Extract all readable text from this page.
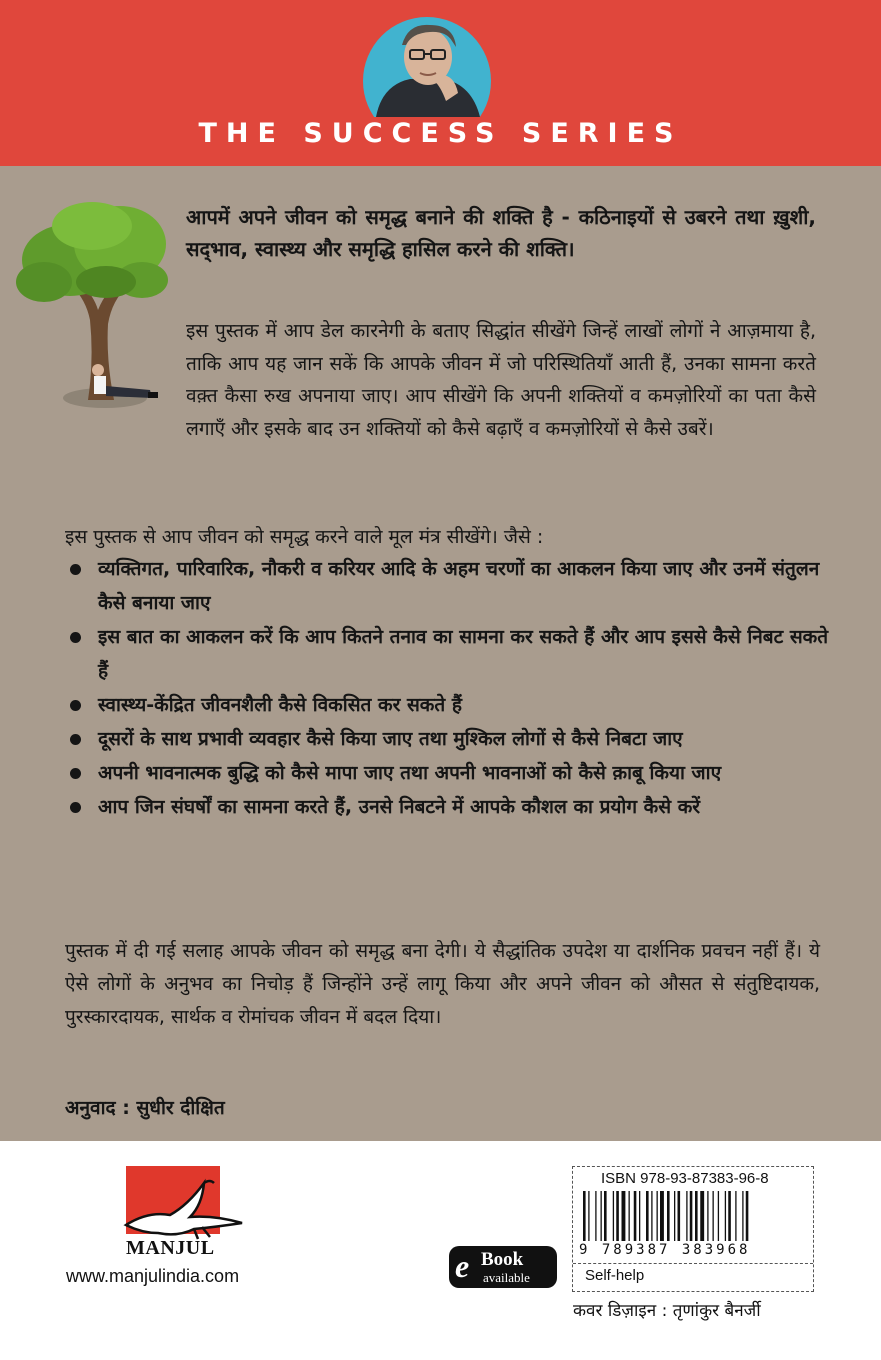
THE SUCCESS SERIES

आपमें अपने जीवन को समृद्ध बनाने की शक्ति है - कठिनाइयों से उबरने तथा ख़ुशी, सद्‌भाव, स्वास्थ्य और समृद्धि हासिल करने की शक्ति।

इस पुस्तक में आप डेल कारनेगी के बताए सिद्धांत सीखेंगे जिन्हें लाखों लोगों ने आज़माया है, ताकि आप यह जान सकें कि आपके जीवन में जो परिस्थितियाँ आती हैं, उनका सामना करते वक़्त कैसा रुख अपनाया जाए। आप सीखेंगे कि अपनी शक्तियों व कमज़ोरियों का पता कैसे लगाएँ और इसके बाद उन शक्तियों को कैसे बढ़ाएँ व कमज़ोरियों से कैसे उबरें।

इस पुस्तक से आप जीवन को समृद्ध करने वाले मूल मंत्र सीखेंगे। जैसे :

व्यक्तिगत, पारिवारिक, नौकरी व करियर आदि के अहम चरणों का आकलन किया जाए और उनमें संतुलन कैसे बनाया जाए
इस बात का आकलन करें कि आप कितने तनाव का सामना कर सकते हैं और आप इससे कैसे निबट सकते हैं
स्वास्थ्य-केंद्रित जीवनशैली कैसे विकसित कर सकते हैं
दूसरों के साथ प्रभावी व्यवहार कैसे किया जाए तथा मुश्किल लोगों से कैसे निबटा जाए
अपनी भावनात्मक बुद्धि को कैसे मापा जाए तथा अपनी भावनाओं को कैसे क़ाबू किया जाए
आप जिन संघर्षों का सामना करते हैं, उनसे निबटने में आपके कौशल का प्रयोग कैसे करें

पुस्तक में दी गई सलाह आपके जीवन को समृद्ध बना देगी। ये सैद्धांतिक उपदेश या दार्शनिक प्रवचन नहीं हैं। ये ऐसे लोगों के अनुभव का निचोड़ हैं जिन्होंने उन्हें लागू किया और अपने जीवन को औसत से संतुष्टिदायक, पुरस्कारदायक, सार्थक व रोमांचक जीवन में बदल दिया।

अनुवाद : सुधीर दीक्षित

MANJUL
www.manjulindia.com	e Book
available
ISBN 978-93-87383-96-8
9 789387 383968
Self-help
कवर डिज़ाइन : तृणांकुर बैनर्जी
